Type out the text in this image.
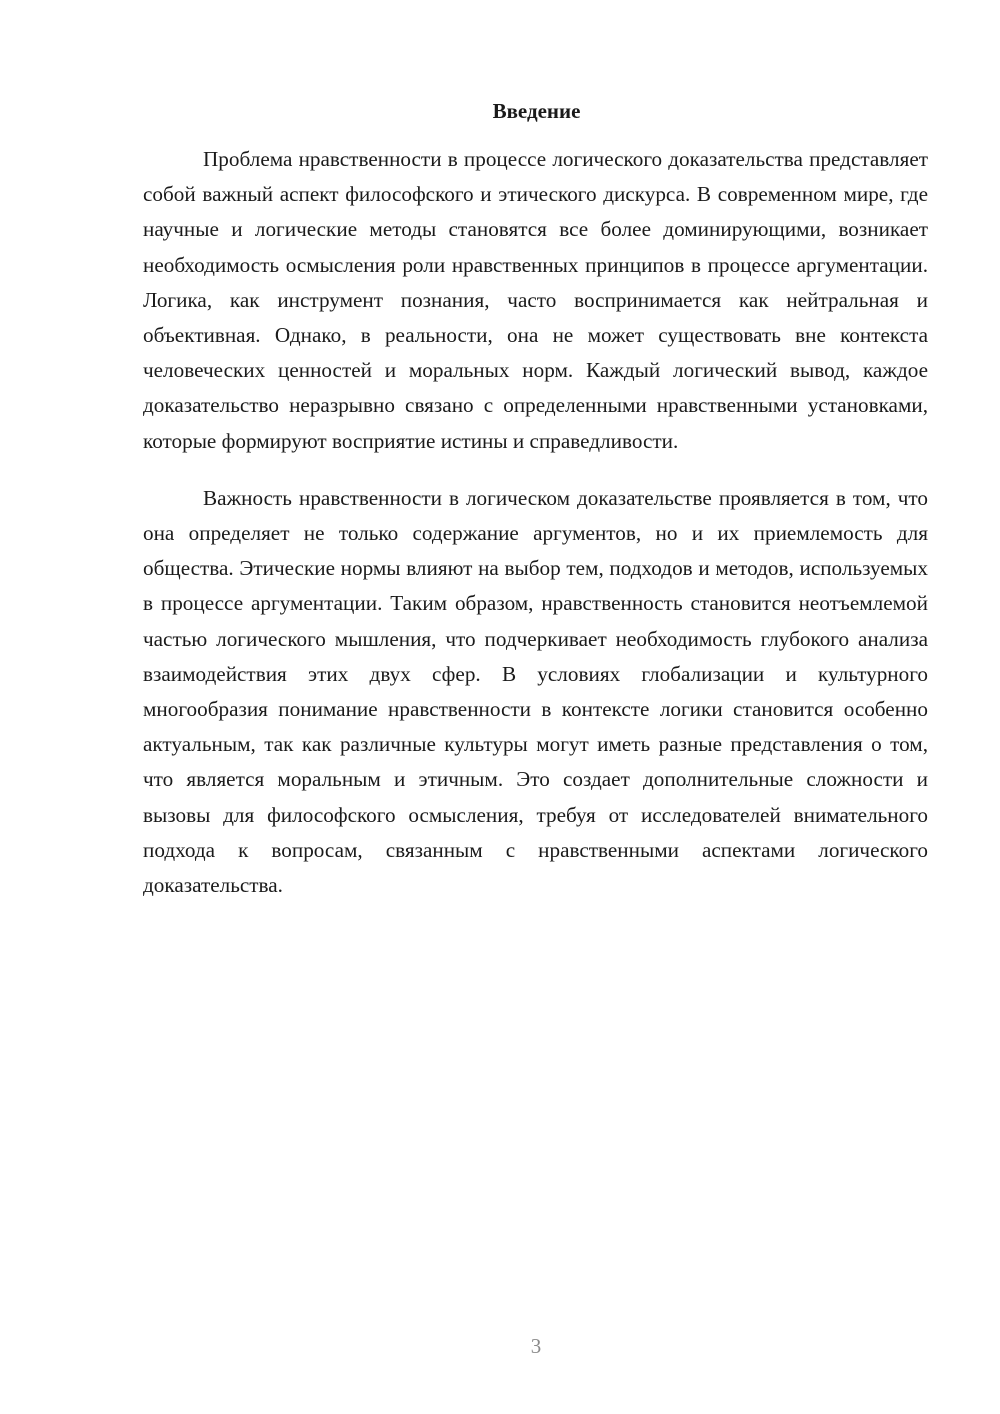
Введение

Проблема нравственности в процессе логического доказательства представляет собой важный аспект философского и этического дискурса. В современном мире, где научные и логические методы становятся все более доминирующими, возникает необходимость осмысления роли нравственных принципов в процессе аргументации. Логика, как инструмент познания, часто воспринимается как нейтральная и объективная. Однако, в реальности, она не может существовать вне контекста человеческих ценностей и моральных норм. Каждый логический вывод, каждое доказательство неразрывно связано с определенными нравственными установками, которые формируют восприятие истины и справедливости.

Важность нравственности в логическом доказательстве проявляется в том, что она определяет не только содержание аргументов, но и их приемлемость для общества. Этические нормы влияют на выбор тем, подходов и методов, используемых в процессе аргументации. Таким образом, нравственность становится неотъемлемой частью логического мышления, что подчеркивает необходимость глубокого анализа взаимодействия этих двух сфер. В условиях глобализации и культурного многообразия понимание нравственности в контексте логики становится особенно актуальным, так как различные культуры могут иметь разные представления о том, что является моральным и этичным. Это создает дополнительные сложности и вызовы для философского осмысления, требуя от исследователей внимательного подхода к вопросам, связанным с нравственными аспектами логического доказательства.

3
